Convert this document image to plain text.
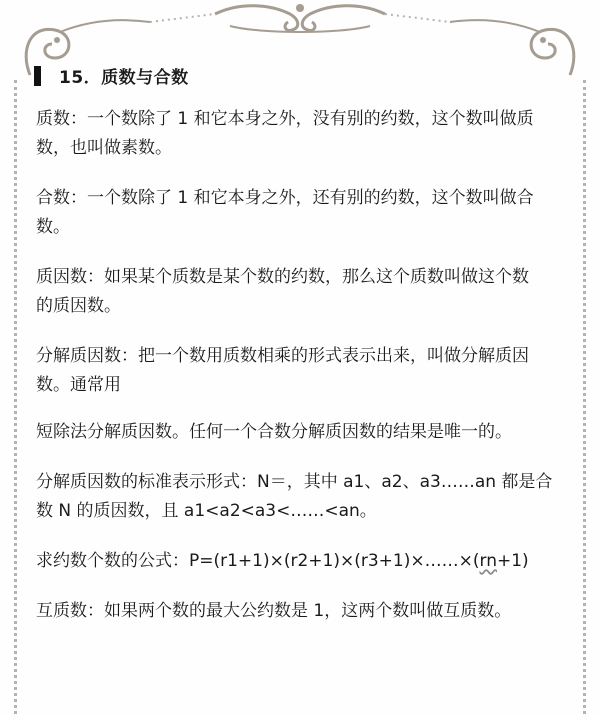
15．质数与合数

质数：一个数除了 1 和它本身之外，没有别的约数，这个数叫做质
数，也叫做素数。

合数：一个数除了 1 和它本身之外，还有别的约数，这个数叫做合
数。

质因数：如果某个质数是某个数的约数，那么这个质数叫做这个数
的质因数。

分解质因数：把一个数用质数相乘的形式表示出来，叫做分解质因
数。通常用

短除法分解质因数。任何一个合数分解质因数的结果是唯一的。

分解质因数的标准表示形式：N＝，其中 a1、a2、a3……an 都是合
数 N 的质因数，且 a1<a2<a3<……<an。

求约数个数的公式：P=(r1+1)×(r2+1)×(r3+1)×……×(rn+1)

互质数：如果两个数的最大公约数是 1，这两个数叫做互质数。
